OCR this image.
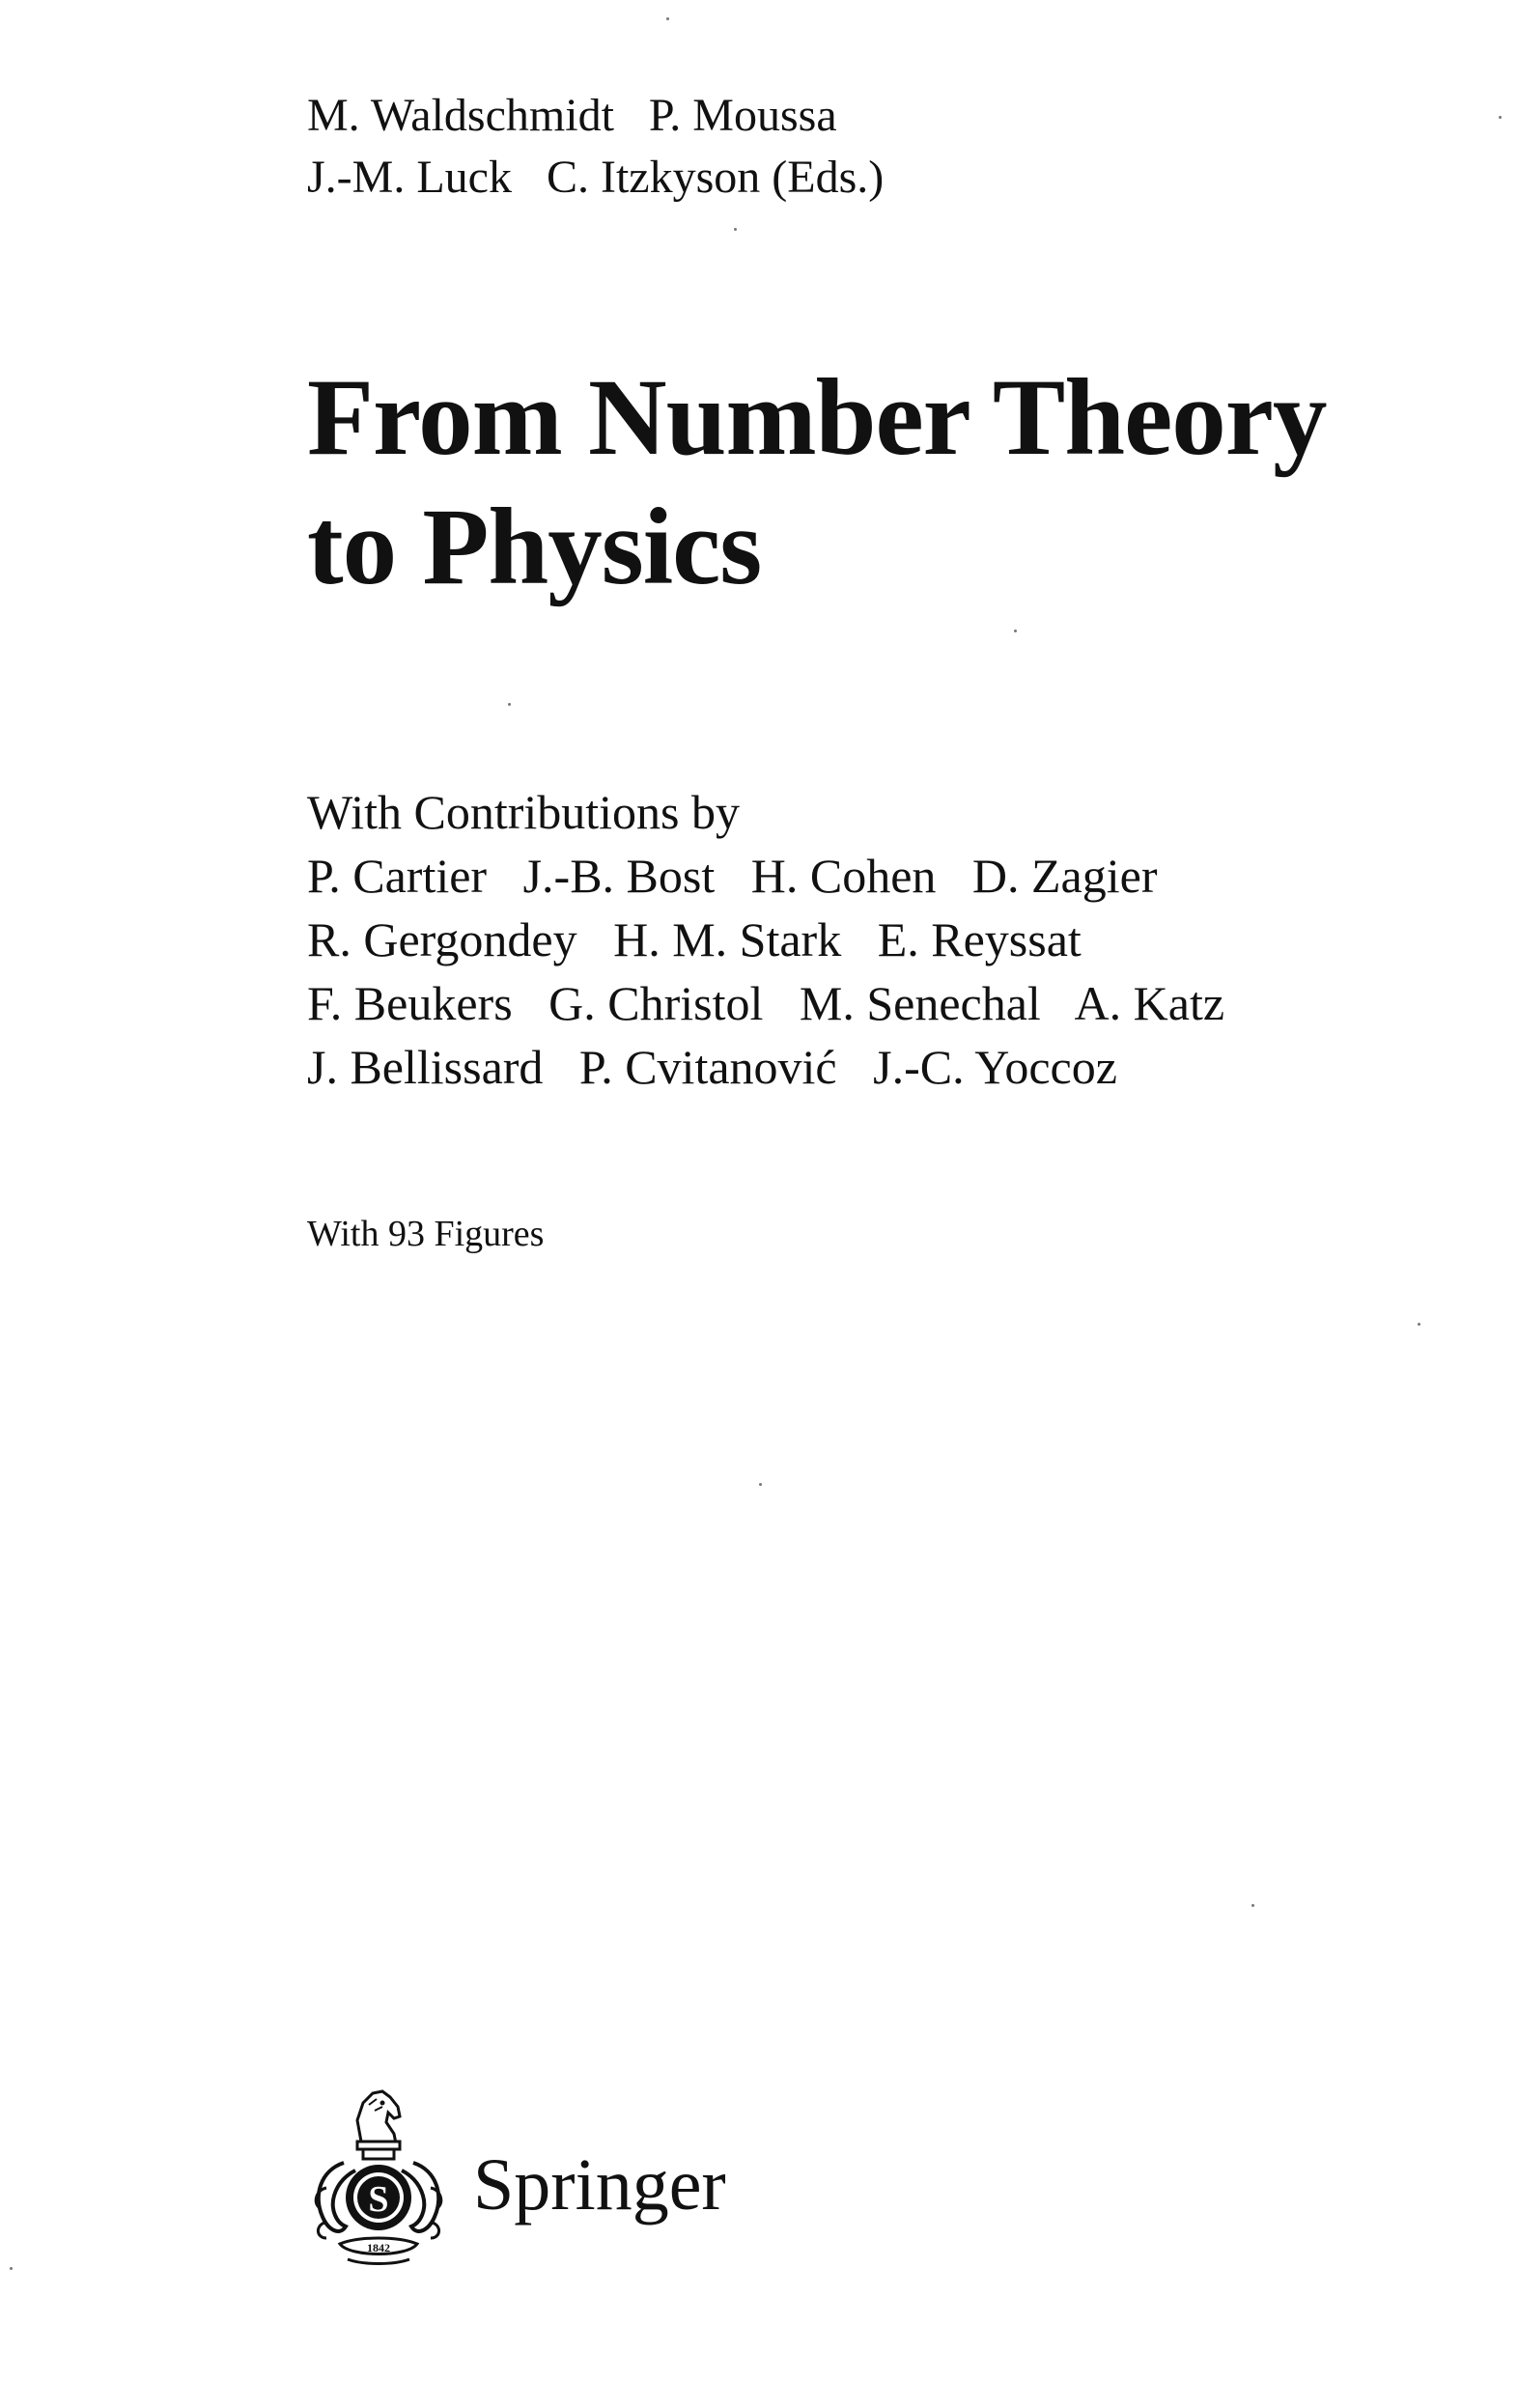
M. Waldschmidt   P. Moussa
J.-M. Luck   C. Itzkyson (Eds.)
From Number Theory
to Physics
With Contributions by
P. Cartier   J.-B. Bost   H. Cohen   D. Zagier
R. Gergondey   H. M. Stark   E. Reyssat
F. Beukers   G. Christol   M. Senechal   A. Katz
J. Bellissard   P. Cvitanović   J.-C. Yoccoz
With 93 Figures
S
1842
Springer
